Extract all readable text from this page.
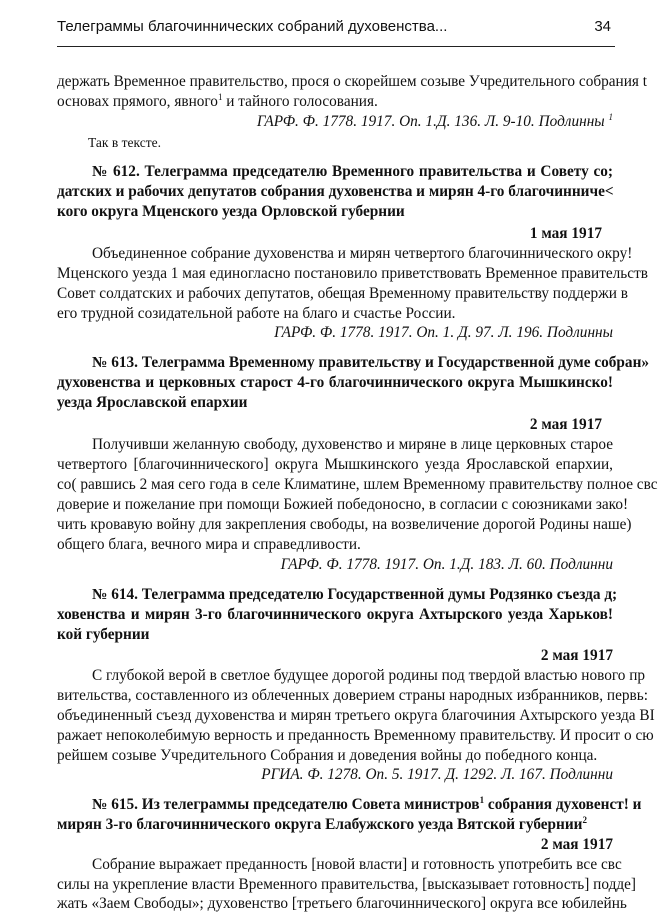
Телеграммы благочиннических собраний духовенства...	34
держать Временное правительство, прося о скорейшем созыве Учредительного собрания t
основах прямого, явного$^1$ и тайного голосования.
ГАРФ. Ф. 1778. 1917. Оп. 1.Д. 136. Л. 9-10. Подлинны $^1$
Так в тексте.
№ 612. Телеграмма председателю Временного правительства и Совету со;
датских и рабочих депутатов собрания духовенства и мирян 4-го благочинниче<
кого округа Мценского уезда Орловской губернии
1 мая 1917
Объединенное собрание духовенства и мирян четвертого благочиннического окру!
Мценского уезда 1 мая единогласно постановило приветствовать Временное правительств
Совет солдатских и рабочих депутатов, обещая Временному правительству поддержи в
его трудной созидательной работе на благо и счастье России.
ГАРФ. Ф. 1778. 1917. Оп. 1. Д. 97. Л. 196. Подлинны
№ 613. Телеграмма Временному правительству и Государственной думе собран»
духовенства и церковных старост 4-го благочиннического округа Мышкинско!
уезда Ярославской епархии
2 мая 1917
Получивши желанную свободу, духовенство и миряне в лице церковных старое
четвертого [благочиннического] округа Мышкинского уезда Ярославской епархии,
со( равшись 2 мая сего года в селе Климатине, шлем Временному правительству полное свс
доверие и пожелание при помощи Божией победоносно, в согласии с союзниками зако!
чить кровавую войну для закрепления свободы, на возвеличение дорогой Родины наше)
общего блага, вечного мира и справедливости.
ГАРФ. Ф. 1778. 1917. Оп. 1.Д. 183. Л. 60. Подлинни
№ 614. Телеграмма председателю Государственной думы Родзянко съезда д;
ховенства и мирян 3-го благочиннического округа Ахтырского уезда Харьков!
кой губернии
2 мая 1917
С глубокой верой в светлое будущее дорогой родины под твердой властью нового пр
вительства, составленного из облеченных доверием страны народных избранников, первь:
объединенный съезд духовенства и мирян третьего округа благочиния Ахтырского уезда ВI
ражает непоколебимую верность и преданность Временному правительству. И просит о сю
рейшем созыве Учредительного Собрания и доведения войны до победного конца.
РГИА. Ф. 1278. Оп. 5. 1917. Д. 1292. Л. 167. Подлинни
№ 615. Из телеграммы председателю Совета министров$^1$ собрания духовенст! и
мирян 3-го благочиннического округа Елабужского уезда Вятской губернии$^2$
2 мая 1917
Собрание выражает преданность [новой власти] и готовность употребить все свс
силы на укрепление власти Временного правительства, [высказывает готовность] подде]
жать «Заем Свободы»; духовенство [третьего благочиннического] округа все юбилейнь
